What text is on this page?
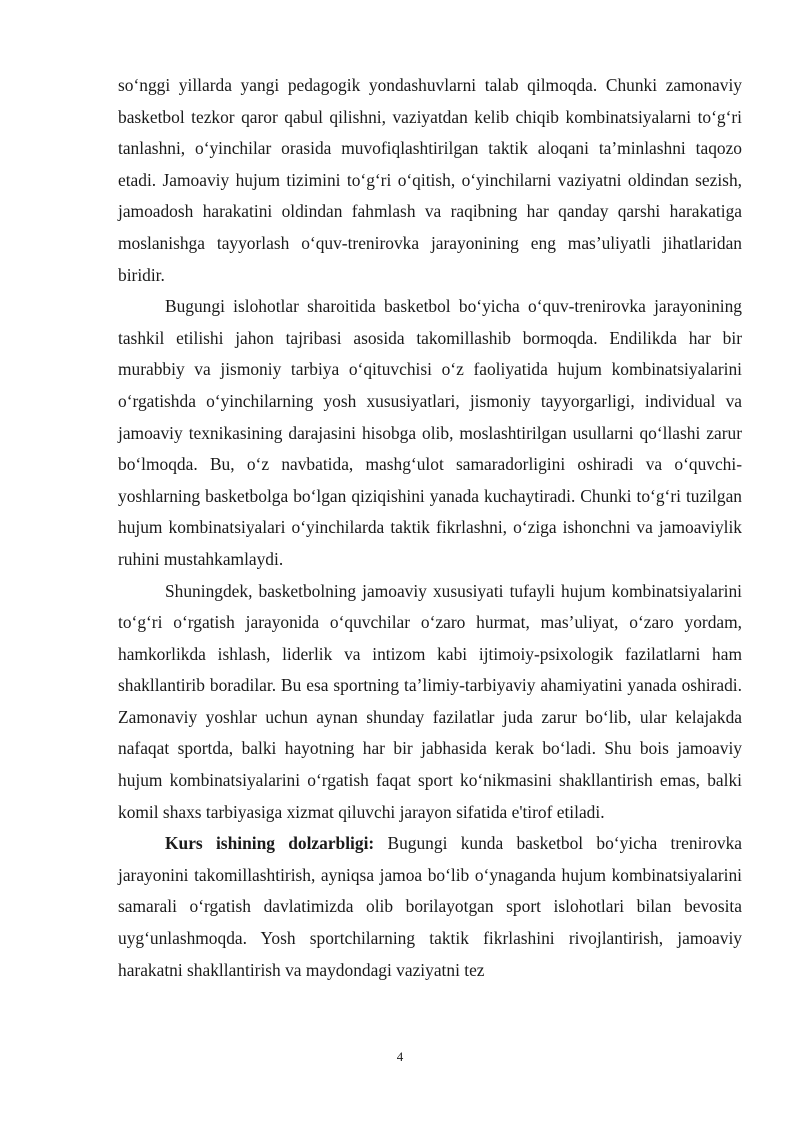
so‘nggi yillarda yangi pedagogik yondashuvlarni talab qilmoqda. Chunki zamonaviy basketbol tezkor qaror qabul qilishni, vaziyatdan kelib chiqib kombinatsiyalarni to‘g‘ri tanlashni, o‘yinchilar orasida muvofiqlashtirilgan taktik aloqani ta’minlashni taqozo etadi. Jamoaviy hujum tizimini to‘g‘ri o‘qitish, o‘yinchilarni vaziyatni oldindan sezish, jamoadosh harakatini oldindan fahmlash va raqibning har qanday qarshi harakatiga moslanishga tayyorlash o‘quv-trenirovka jarayonining eng mas’uliyatli jihatlaridan biridir.

Bugungi islohotlar sharoitida basketbol bo‘yicha o‘quv-trenirovka jarayonining tashkil etilishi jahon tajribasi asosida takomillashib bormoqda. Endilikda har bir murabbiy va jismoniy tarbiya o‘qituvchisi o‘z faoliyatida hujum kombinatsiyalarini o‘rgatishda o‘yinchilarning yosh xususiyatlari, jismoniy tayyorgarligi, individual va jamoaviy texnikasining darajasini hisobga olib, moslashtirilgan usullarni qo‘llashi zarur bo‘lmoqda. Bu, o‘z navbatida, mashg‘ulot samaradorligini oshiradi va o‘quvchi-yoshlarning basketbolga bo‘lgan qiziqishini yanada kuchaytiradi. Chunki to‘g‘ri tuzilgan hujum kombinatsiyalari o‘yinchilarda taktik fikrlashni, o‘ziga ishonchni va jamoaviylik ruhini mustahkamlaydi.

Shuningdek, basketbolning jamoaviy xususiyati tufayli hujum kombinatsiyalarini to‘g‘ri o‘rgatish jarayonida o‘quvchilar o‘zaro hurmat, mas’uliyat, o‘zaro yordam, hamkorlikda ishlash, liderlik va intizom kabi ijtimoiy-psixologik fazilatlarni ham shakllantirib boradilar. Bu esa sportning ta’limiy-tarbiyaviy ahamiyatini yanada oshiradi. Zamonaviy yoshlar uchun aynan shunday fazilatlar juda zarur bo‘lib, ular kelajakda nafaqat sportda, balki hayotning har bir jabhasida kerak bo‘ladi. Shu bois jamoaviy hujum kombinatsiyalarini o‘rgatish faqat sport ko‘nikmasini shakllantirish emas, balki komil shaxs tarbiyasiga xizmat qiluvchi jarayon sifatida e'tirof etiladi.

Kurs ishining dolzarbligi: Bugungi kunda basketbol bo‘yicha trenirovka jarayonini takomillashtirish, ayniqsa jamoa bo‘lib o‘ynaganda hujum kombinatsiyalarini samarali o‘rgatish davlatimizda olib borilayotgan sport islohotlari bilan bevosita uyg‘unlashmoqda. Yosh sportchilarning taktik fikrlashini rivojlantirish, jamoaviy harakatni shakllantirish va maydondagi vaziyatni tez

4
